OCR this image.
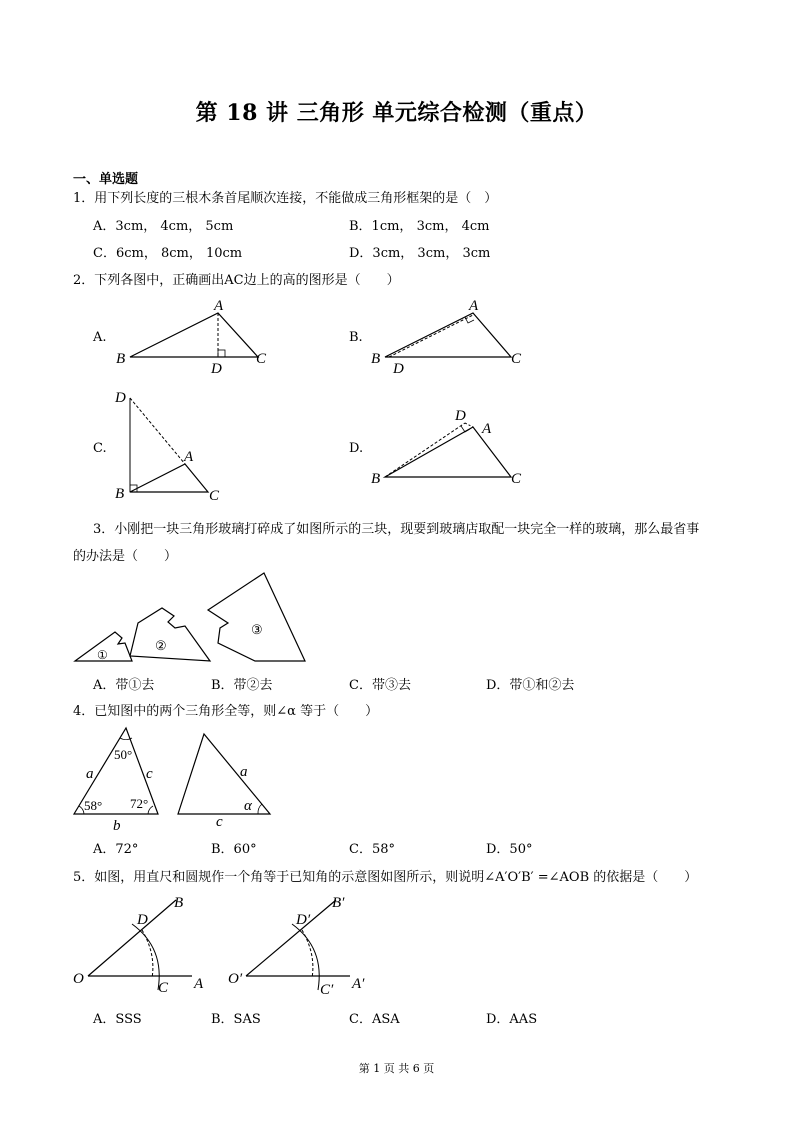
第 18 讲 三角形 单元综合检测（重点）
一、单选题
1．用下列长度的三根木条首尾顺次连接，不能做成三角形框架的是（　）
A．3cm， 4cm， 5cm	B．1cm， 3cm， 4cm
C．6cm， 8cm， 10cm	D．3cm， 3cm， 3cm
2．下列各图中，正确画出AC边上的高的图形是（　　）
A.	B.
C.	D.
A
B	C
D
A
B	C
D
D
A
B	C
D
A
B	C
3．小刚把一块三角形玻璃打碎成了如图所示的三块，现要到玻璃店取配一块完全一样的玻璃，那么最省事
的办法是（　　）
①
②
③
A．带①去	B．带②去	C．带③去	D．带①和②去
4．已知图中的两个三角形全等，则∠α 等于（　　）
50°
58° 72°
a	c
b
a
c
α
A．72°	B．60°	C．58°	D．50°
5．如图，用直尺和圆规作一个角等于已知角的示意图如图所示，则说明∠A′O′B′ =∠AOB 的依据是（　　）
O	A
B
C
D
O′	A′
B′
C′
D′
A．SSS	B．SAS	C．ASA	D．AAS
第 1 页 共 6 页
